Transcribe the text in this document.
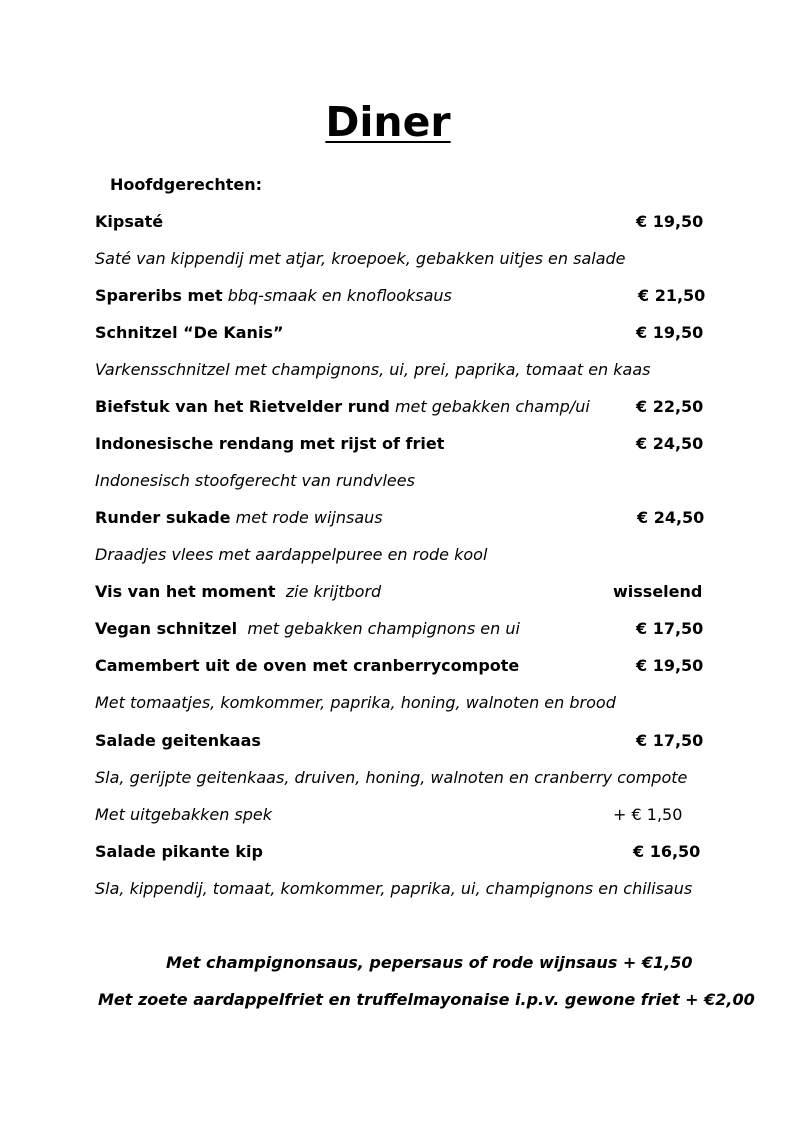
Diner
Hoofdgerechten:
Kipsaté	€ 19,50
Saté van kippendij met atjar, kroepoek, gebakken uitjes en salade
Spareribs met bbq-smaak en knoflooksaus	€ 21,50
Schnitzel “De Kanis”	€ 19,50
Varkensschnitzel met champignons, ui, prei, paprika, tomaat en kaas
Biefstuk van het Rietvelder rund met gebakken champ/ui	€ 22,50
Indonesische rendang met rijst of friet	€ 24,50
Indonesisch stoofgerecht van rundvlees
Runder sukade met rode wijnsaus	€ 24,50
Draadjes vlees met aardappelpuree en rode kool
Vis van het moment zie krijtbord	wisselend
Vegan schnitzel met gebakken champignons en ui	€ 17,50
Camembert uit de oven met cranberrycompote	€ 19,50
Met tomaatjes, komkommer, paprika, honing, walnoten en brood
Salade geitenkaas	€ 17,50
Sla, gerijpte geitenkaas, druiven, honing, walnoten en cranberry compote
Met uitgebakken spek	+ € 1,50
Salade pikante kip	€ 16,50
Sla, kippendij, tomaat, komkommer, paprika, ui, champignons en chilisaus
Met champignonsaus, pepersaus of rode wijnsaus + €1,50
Met zoete aardappelfriet en truffelmayonaise i.p.v. gewone friet + €2,00
